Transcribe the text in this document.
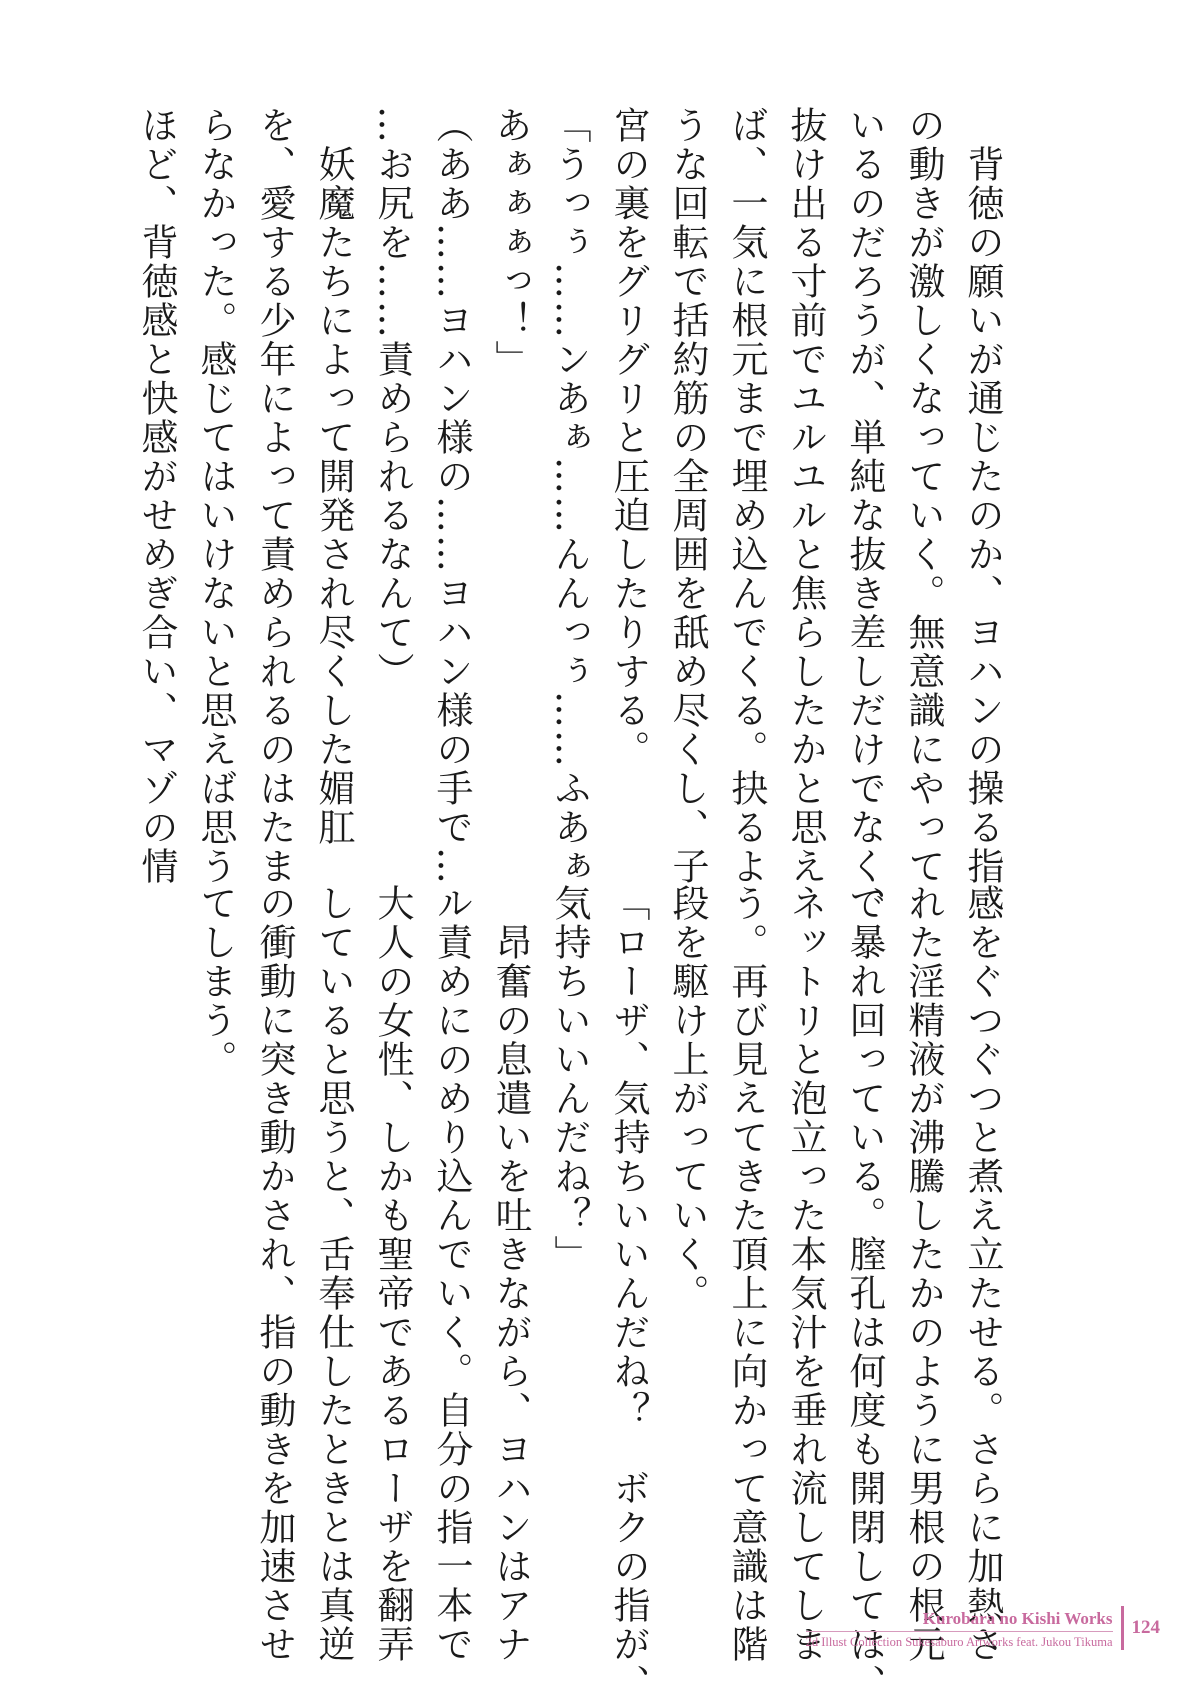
　背徳の願いが通じたのか、ヨハンの操る指
の動きが激しくなっていく。無意識にやって
いるのだろうが、単純な抜き差しだけでなく、
抜け出る寸前でユルユルと焦らしたかと思え
ば、一気に根元まで埋め込んでくる。抉るよ
うな回転で括約筋の全周囲を舐め尽くし、子
宮の裏をグリグリと圧迫したりする。
「うっぅ……ンあぁ……んんっぅ……ふあぁ
あぁぁぁっ！」
（ああ……ヨハン様の……ヨハン様の手で…
…お尻を……責められるなんて）
　妖魔たちによって開発され尽くした媚肛
を、愛する少年によって責められるのはたま
らなかった。感じてはいけないと思えば思う
ほど、背徳感と快感がせめぎ合い、マゾの情
感をぐつぐつと煮え立たせる。さらに加熱さ
れた淫精液が沸騰したかのように男根の根元
で暴れ回っている。膣孔は何度も開閉しては、
ネットリと泡立った本気汁を垂れ流してしま
う。再び見えてきた頂上に向かって意識は階
段を駆け上がっていく。
「ローザ、気持ちいいんだね？　ボクの指が、
気持ちいいんだね？」
　昂奮の息遣いを吐きながら、ヨハンはアナ
ル責めにのめり込んでいく。自分の指一本で
大人の女性、しかも聖帝であるローザを翻弄
していると思うと、舌奉仕したときとは真逆
の衝動に突き動かされ、指の動きを加速させ
てしまう。
Kurobara no Kishi Works
2d Illust Collection Sukesaburo Artworks feat. Jukou Tikuma
124
